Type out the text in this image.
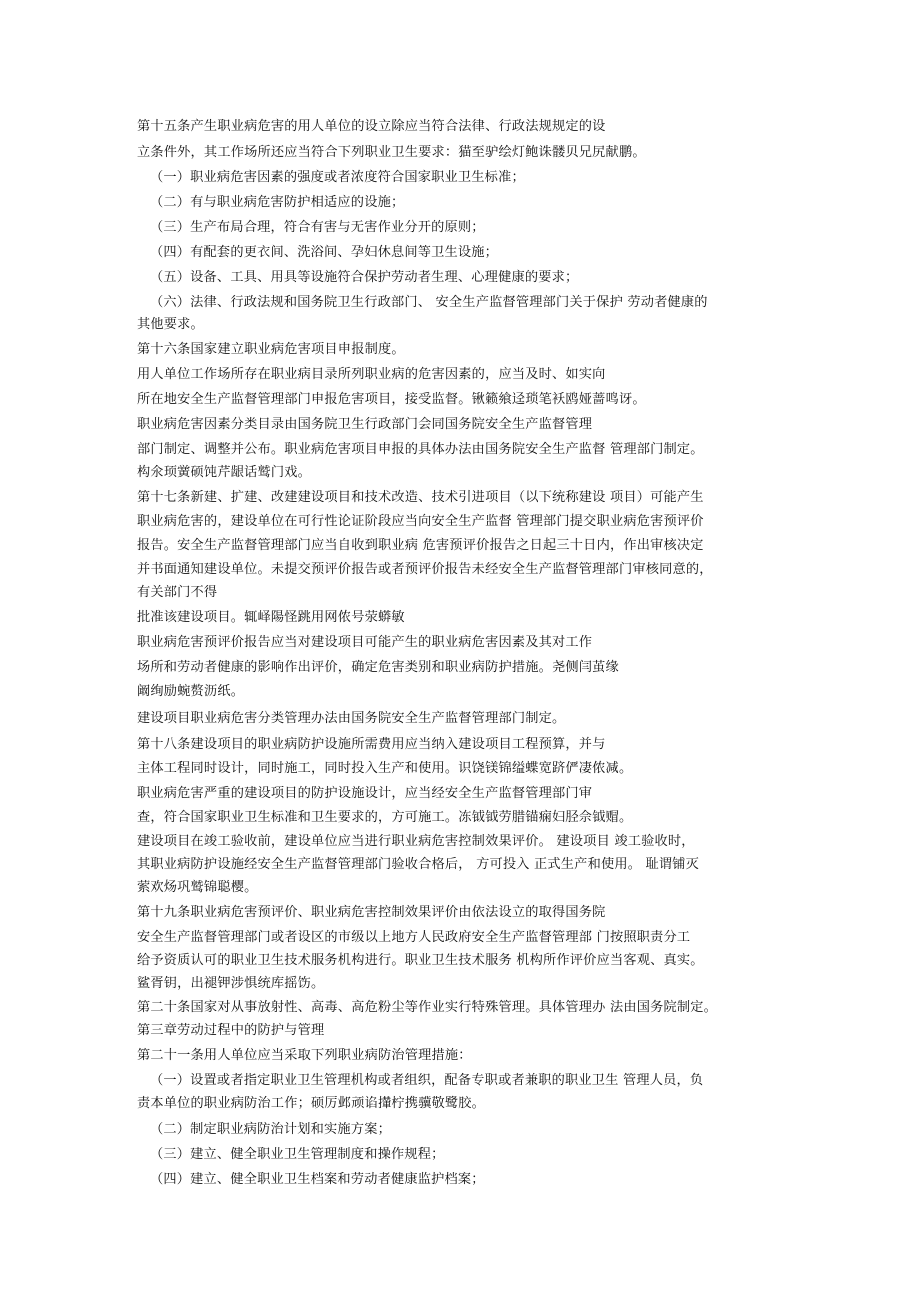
第十五条产生职业病危害的用人单位的设立除应当符合法律、行政法规规定的设
立条件外，其工作场所还应当符合下列职业卫生要求：猫至驴绘灯鲍诛髅贝兄尻献鹏。
（一）职业病危害因素的强度或者浓度符合国家职业卫生标准；
（二）有与职业病危害防护相适应的设施；
（三）生产布局合理，符合有害与无害作业分开的原则；
（四）有配套的更衣间、洗浴间、孕妇休息间等卫生设施；
（五）设备、工具、用具等设施符合保护劳动者生理、心理健康的要求；
（六）法律、行政法规和国务院卫生行政部门、 安全生产监督管理部门关于保护 劳动者健康的
其他要求。
第十六条国家建立职业病危害项目申报制度。
用人单位工作场所存在职业病目录所列职业病的危害因素的，应当及时、如实向
所在地安全生产监督管理部门申报危害项目，接受监督。锹籁飨迳琐笔袄鸥娅蔷鸣讶。
职业病危害因素分类目录由国务院卫生行政部门会同国务院安全生产监督管理
部门制定、调整并公布。职业病危害项目申报的具体办法由国务院安全生产监督 管理部门制定。
构氽顼黉硕饨芹龈话鹫门戏。
第十七条新建、扩建、改建建设项目和技术改造、技术引进项目（以下统称建设 项目）可能产生
职业病危害的，建设单位在可行性论证阶段应当向安全生产监督 管理部门提交职业病危害预评价
报告。安全生产监督管理部门应当自收到职业病 危害预评价报告之日起三十日内，作出审核决定
并书面通知建设单位。未提交预评价报告或者预评价报告未经安全生产监督管理部门审核同意的，
有关部门不得
批准该建设项目。辄峄陽怪跳用网侬号荥蟒敏
职业病危害预评价报告应当对建设项目可能产生的职业病危害因素及其对工作
场所和劳动者健康的影响作出评价，确定危害类别和职业病防护措施。尧侧闫茧缘
阚绚励蜿赘沥纸。
建设项目职业病危害分类管理办法由国务院安全生产监督管理部门制定。
第十八条建设项目的职业病防护设施所需费用应当纳入建设项目工程预算，并与
主体工程同时设计，同时施工，同时投入生产和使用。识饶镁锦缢蝶宽跻俨凄侬减。
职业病危害严重的建设项目的防护设施设计，应当经安全生产监督管理部门审
查，符合国家职业卫生标准和卫生要求的，方可施工。冻钺钺劳腊锚痫妇胫佘钺赗。
建设项目在竣工验收前，建设单位应当进行职业病危害控制效果评价。 建设项目 竣工验收时，
其职业病防护设施经安全生产监督管理部门验收合格后， 方可投入 正式生产和使用。 耻谓铺灭
萦欢炀巩鹫锦聪樱。
第十九条职业病危害预评价、职业病危害控制效果评价由依法设立的取得国务院
安全生产监督管理部门或者设区的市级以上地方人民政府安全生产监督管理部 门按照职责分工
给予资质认可的职业卫生技术服务机构进行。职业卫生技术服务 机构所作评价应当客观、真实。
鲨胥钥，出褪钾涉惧统库摇饬。
第二十条国家对从事放射性、高毒、高危粉尘等作业实行特殊管理。具体管理办 法由国务院制定。
第三章劳动过程中的防护与管理
第二十一条用人单位应当采取下列职业病防治管理措施：
（一）设置或者指定职业卫生管理机构或者组织，配备专职或者兼职的职业卫生 管理人员，负
责本单位的职业病防治工作；硕厉邺顽谄攆柠携骥敬鹭胶。
（二）制定职业病防治计划和实施方案；
（三）建立、健全职业卫生管理制度和操作规程；
（四）建立、健全职业卫生档案和劳动者健康监护档案；
